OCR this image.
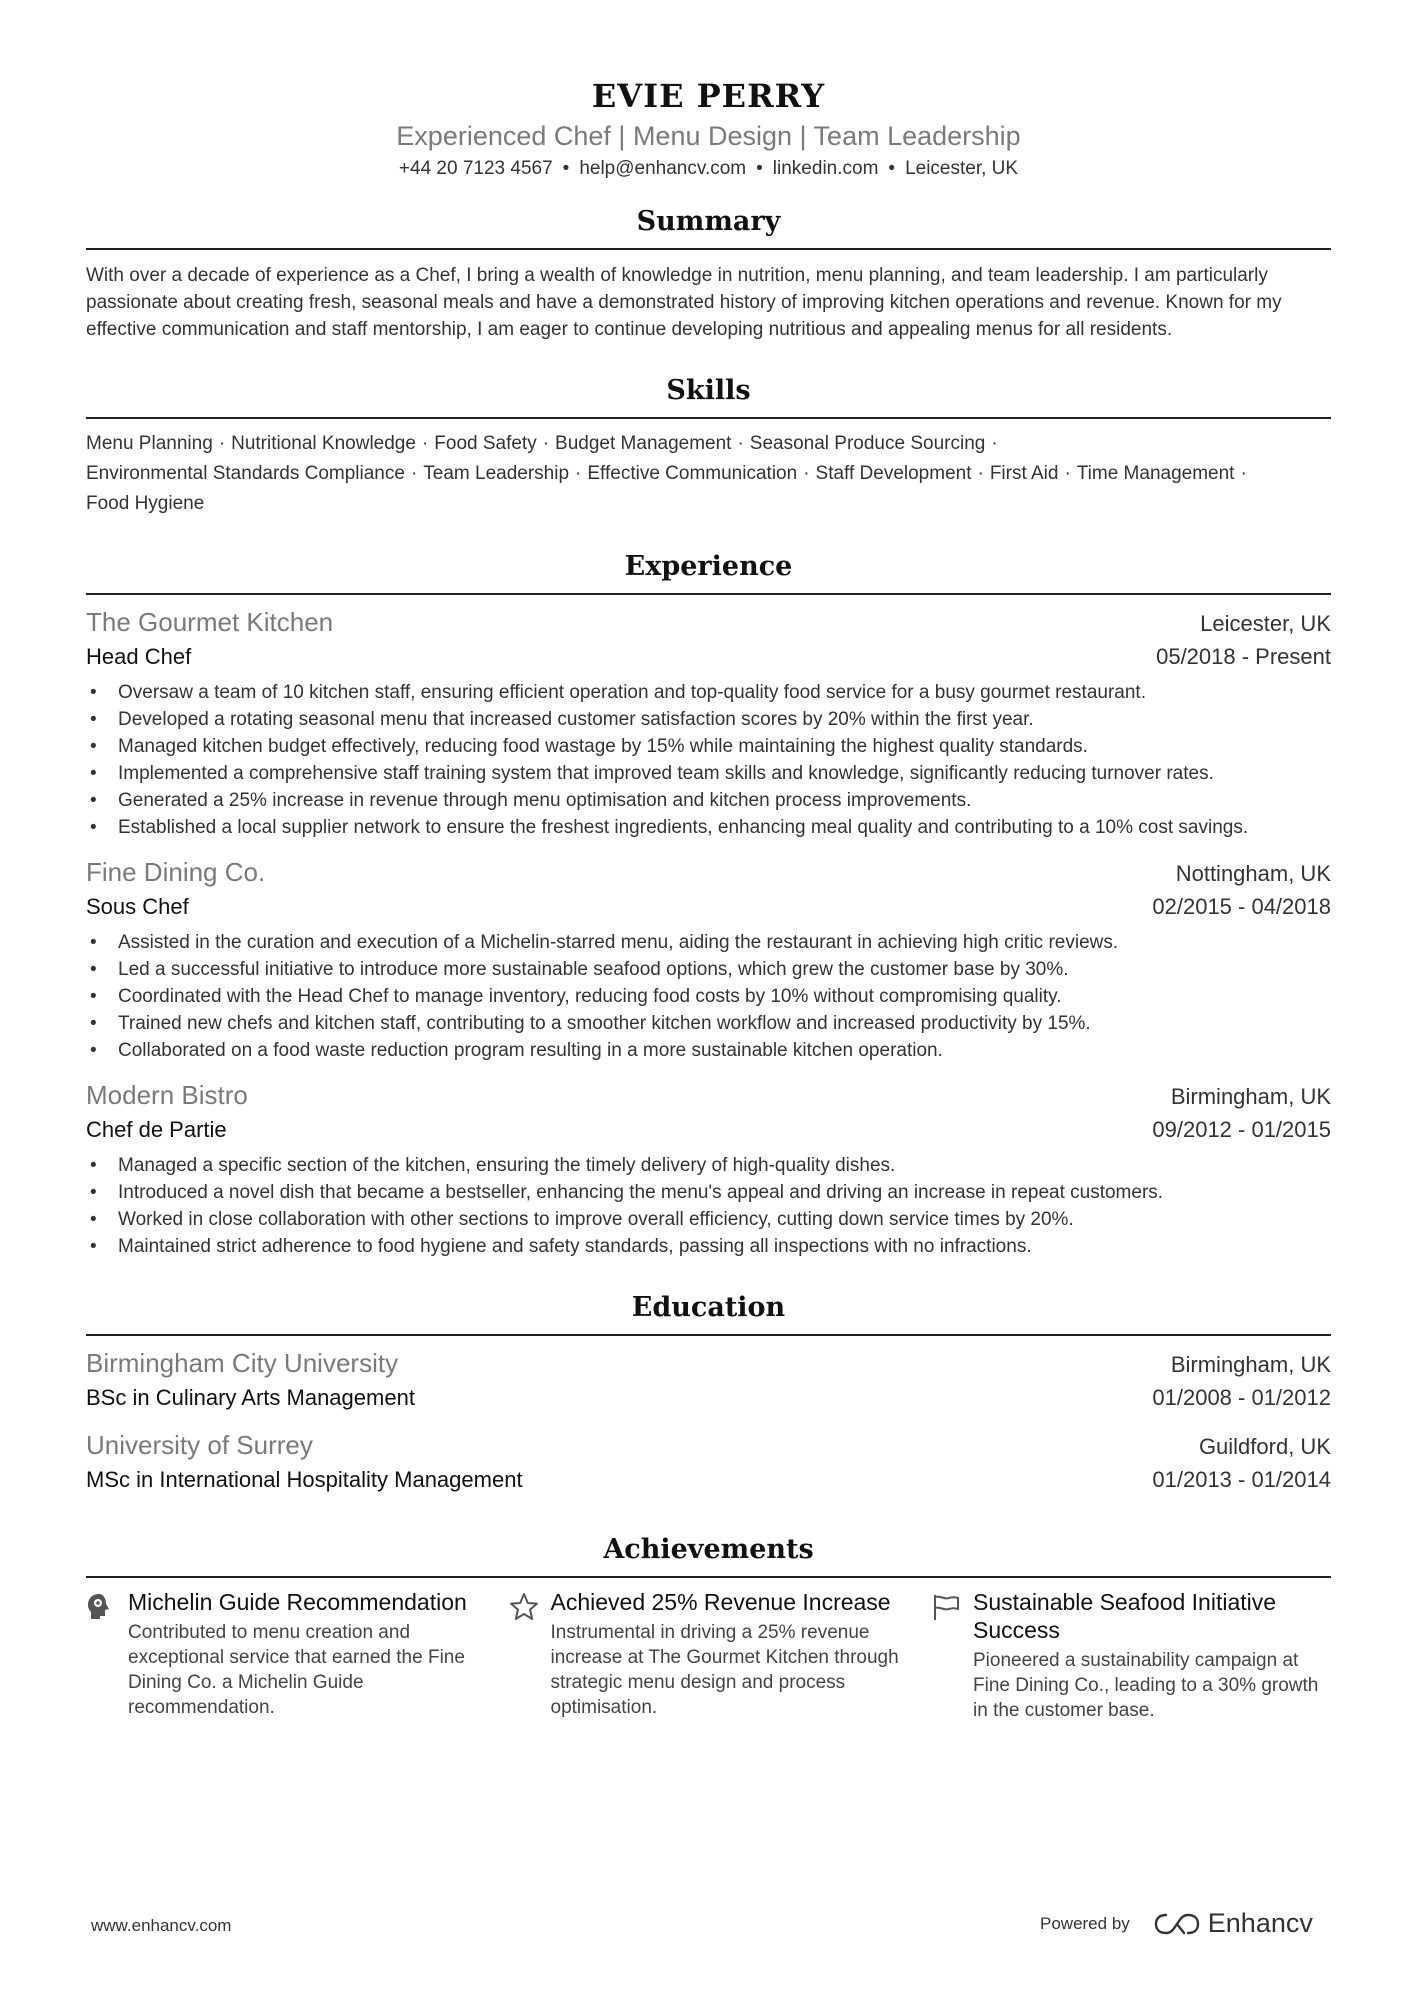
EVIE PERRY
Experienced Chef | Menu Design | Team Leadership
+44 20 7123 4567 • help@enhancv.com • linkedin.com • Leicester, UK
Summary
With over a decade of experience as a Chef, I bring a wealth of knowledge in nutrition, menu planning, and team leadership. I am particularly passionate about creating fresh, seasonal meals and have a demonstrated history of improving kitchen operations and revenue. Known for my effective communication and staff mentorship, I am eager to continue developing nutritious and appealing menus for all residents.
Skills
Menu Planning · Nutritional Knowledge · Food Safety · Budget Management · Seasonal Produce Sourcing ·
Environmental Standards Compliance · Team Leadership · Effective Communication · Staff Development · First Aid · Time Management ·
Food Hygiene
Experience
The Gourmet Kitchen	Leicester, UK
Head Chef	05/2018 - Present
• Oversaw a team of 10 kitchen staff, ensuring efficient operation and top-quality food service for a busy gourmet restaurant.
• Developed a rotating seasonal menu that increased customer satisfaction scores by 20% within the first year.
• Managed kitchen budget effectively, reducing food wastage by 15% while maintaining the highest quality standards.
• Implemented a comprehensive staff training system that improved team skills and knowledge, significantly reducing turnover rates.
• Generated a 25% increase in revenue through menu optimisation and kitchen process improvements.
• Established a local supplier network to ensure the freshest ingredients, enhancing meal quality and contributing to a 10% cost savings.
Fine Dining Co.	Nottingham, UK
Sous Chef	02/2015 - 04/2018
• Assisted in the curation and execution of a Michelin-starred menu, aiding the restaurant in achieving high critic reviews.
• Led a successful initiative to introduce more sustainable seafood options, which grew the customer base by 30%.
• Coordinated with the Head Chef to manage inventory, reducing food costs by 10% without compromising quality.
• Trained new chefs and kitchen staff, contributing to a smoother kitchen workflow and increased productivity by 15%.
• Collaborated on a food waste reduction program resulting in a more sustainable kitchen operation.
Modern Bistro	Birmingham, UK
Chef de Partie	09/2012 - 01/2015
• Managed a specific section of the kitchen, ensuring the timely delivery of high-quality dishes.
• Introduced a novel dish that became a bestseller, enhancing the menu's appeal and driving an increase in repeat customers.
• Worked in close collaboration with other sections to improve overall efficiency, cutting down service times by 20%.
• Maintained strict adherence to food hygiene and safety standards, passing all inspections with no infractions.
Education
Birmingham City University	Birmingham, UK
BSc in Culinary Arts Management	01/2008 - 01/2012
University of Surrey	Guildford, UK
MSc in International Hospitality Management	01/2013 - 01/2014
Achievements
Michelin Guide Recommendation
Contributed to menu creation and exceptional service that earned the Fine Dining Co. a Michelin Guide recommendation.
Achieved 25% Revenue Increase
Instrumental in driving a 25% revenue increase at The Gourmet Kitchen through strategic menu design and process optimisation.
Sustainable Seafood Initiative Success
Pioneered a sustainability campaign at Fine Dining Co., leading to a 30% growth in the customer base.
www.enhancv.com	Powered by	Enhancv
